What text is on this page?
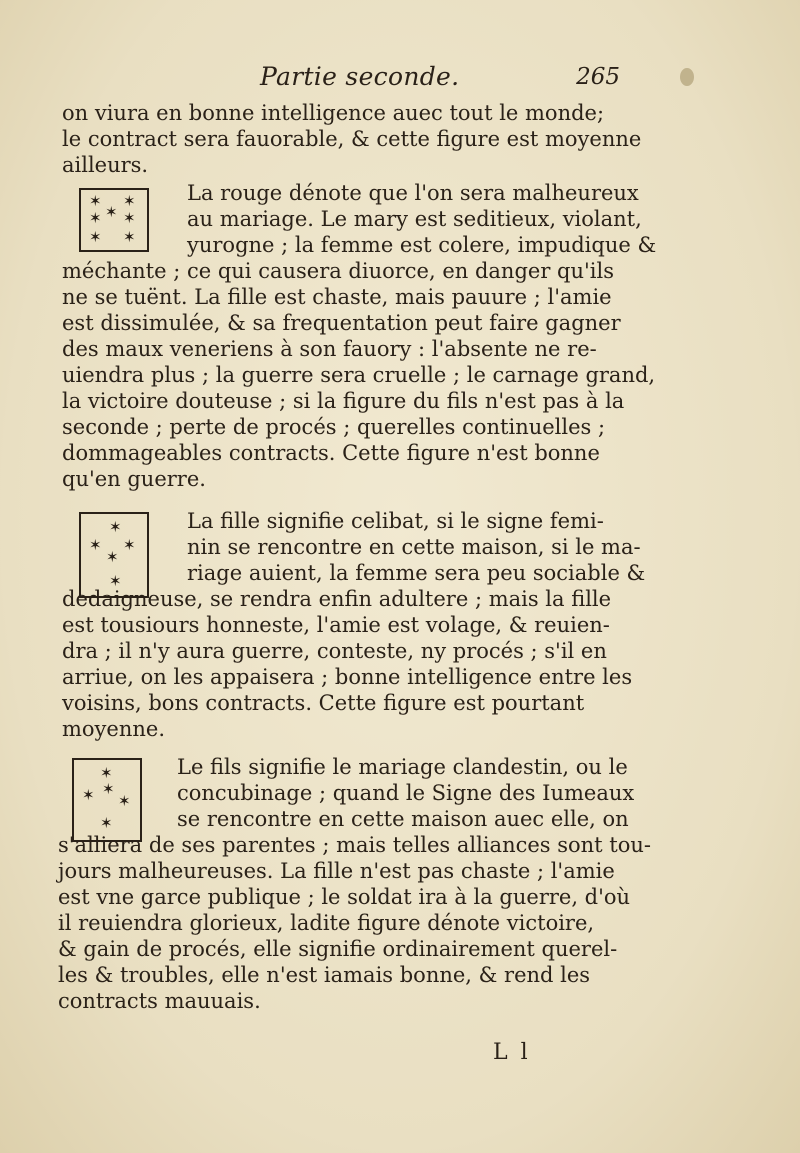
Partie seconde.	265
on viura en bonne intelligence auec tout le monde;
le contract sera fauorable, & cette figure est moyenne
ailleurs.
✶ ✶
✶ ✶ ✶
✶ ✶
La rouge dénote que l'on sera malheureux
au mariage. Le mary est seditieux, violant,
yurogne ; la femme est colere, impudique &
méchante ; ce qui causera diuorce, en danger qu'ils
ne se tuënt. La fille est chaste, mais pauure ; l'amie
est dissimulée, & sa frequentation peut faire gagner
des maux veneriens à son fauory : l'absente ne re-
uiendra plus ; la guerre sera cruelle ; le carnage grand,
la victoire douteuse ; si la figure du fils n'est pas à la
seconde ; perte de procés ; querelles continuelles ;
dommageables contracts. Cette figure n'est bonne
qu'en guerre.
✶
✶ ✶
✶
✶
La fille signifie celibat, si le signe femi-
nin se rencontre en cette maison, si le ma-
riage auient, la femme sera peu sociable &
dedaigneuse, se rendra enfin adultere ; mais la fille
est tousiours honneste, l'amie est volage, & reuien-
dra ; il n'y aura guerre, conteste, ny procés ; s'il en
arriue, on les appaisera ; bonne intelligence entre les
voisins, bons contracts. Cette figure est pourtant
moyenne.
✶
✶ ✶
✶
✶
Le fils signifie le mariage clandestin, ou le
concubinage ; quand le Signe des Iumeaux
se rencontre en cette maison auec elle, on
s'alliera de ses parentes ; mais telles alliances sont tou-
jours malheureuses. La fille n'est pas chaste ; l'amie
est vne garce publique ; le soldat ira à la guerre, d'où
il reuiendra glorieux, ladite figure dénote victoire,
& gain de procés, elle signifie ordinairement querel-
les & troubles, elle n'est iamais bonne, & rend les
contracts mauuais.
L l
